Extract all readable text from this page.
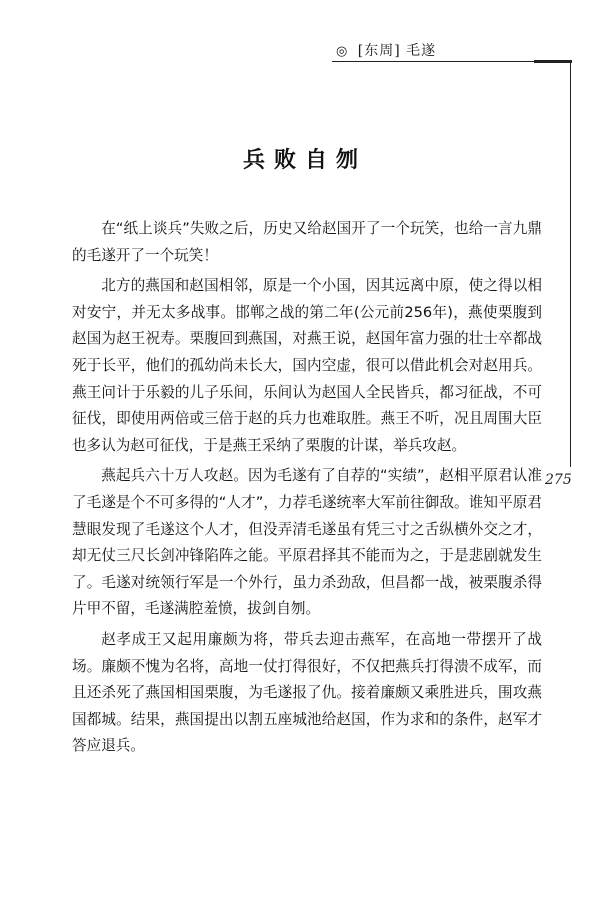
◎ [东周] 毛遂
275
兵败自刎

在“纸上谈兵”失败之后，历史又给赵国开了一个玩笑，也给一言九鼎的毛遂开了一个玩笑！

北方的燕国和赵国相邻，原是一个小国，因其远离中原，使之得以相对安宁，并无太多战事。邯郸之战的第二年(公元前256年)，燕使栗腹到赵国为赵王祝寿。栗腹回到燕国，对燕王说，赵国年富力强的壮士卒都战死于长平，他们的孤幼尚未长大，国内空虚，很可以借此机会对赵用兵。燕王问计于乐毅的儿子乐间，乐间认为赵国人全民皆兵，都习征战，不可征伐，即使用两倍或三倍于赵的兵力也难取胜。燕王不听，况且周围大臣也多认为赵可征伐，于是燕王采纳了栗腹的计谋，举兵攻赵。

燕起兵六十万人攻赵。因为毛遂有了自荐的“实绩”，赵相平原君认准了毛遂是个不可多得的“人才”，力荐毛遂统率大军前往御敌。谁知平原君慧眼发现了毛遂这个人才，但没弄清毛遂虽有凭三寸之舌纵横外交之才，却无仗三尺长剑冲锋陷阵之能。平原君择其不能而为之，于是悲剧就发生了。毛遂对统领行军是一个外行，虽力杀劲敌，但昌都一战，被栗腹杀得片甲不留，毛遂满腔羞愤，拔剑自刎。

赵孝成王又起用廉颇为将，带兵去迎击燕军，在高地一带摆开了战场。廉颇不愧为名将，高地一仗打得很好，不仅把燕兵打得溃不成军，而且还杀死了燕国相国栗腹，为毛遂报了仇。接着廉颇又乘胜进兵，围攻燕国都城。结果，燕国提出以割五座城池给赵国，作为求和的条件，赵军才答应退兵。
